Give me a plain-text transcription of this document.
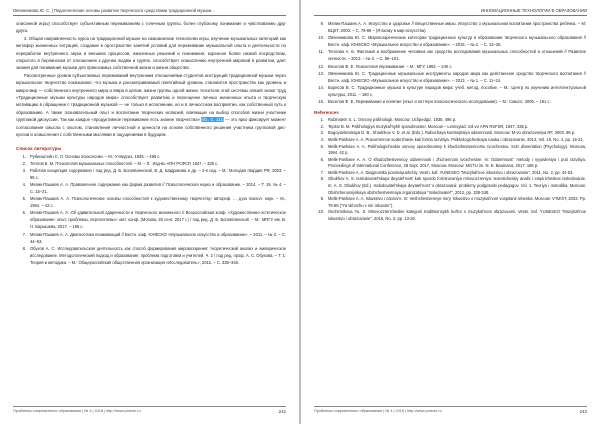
Овчинникова Ю. С. | Педагогические основы развития творческого средствами традиционной музыки...

описанной игры) способствует субъективным переживаниям с точечным группы, более глубокому понимание и чувствованию друг друга.

4. Общая направленность курса на традиционной музыке на самоанализе технологии игры, изучение музыкальных категорий как метафор жизненных ситуаций, создание в пространстве занятий условий для переживание музыкальной опыта и деятельности по переработке внутреннего звука и внешних процессов, жизненных решений и понимания, коренное более низкой посредством, открытого в берлинском от отношениях к другим людям и группе, способствует осмыслению внутренней мировой в развитии, дает знания для понимания музыки для приносимых собственной жизни и жизни общества.

Рассмотренные уровни субъективных переживаний внутренним отношениями студентов инструкций традиционной музыки через музыкальное творчество показывают, что музыка и рассматриваемый понятийный уровень становится пространство как уровень и микро-мир — собственного внутреннего мира и Мира в целом, жизни группы одной жизни. Носители этой системы связей знают труд «Традиционные музыки культуры народов мира» способствуют развитию и переоценке личных жизненных опыта и творческую мотивацию в обращении с традиционной музыкой — не только в исполнении, но и в личностном восприятии, как собственный путь к образованию. А также познавательный опыт и воспитание творческих иллюзий, влияющих на выбор способов жизни участники групповой дискуссии. Так как каждое «продуктивное переживание есть знание творчества» [Ю., С. 111] — это ярко фиксирует момент согласования смысла с опытом, становление личностной и ценности на основе собственного решения участника групповой дискуссии и осмысления с собственными мыслями и ощущениями в будущем.

Список литературы
1. Рубинштейн С. Л. Основы психологии. – М.: Учпедгиз, 1935. – 496 с.
2. Теплов Б. М. Психология музыкальных способностей. – М. – Л.: Изд-во АПН РСФСР, 1947. – 335 с.
3. Рабочая концепция содержания / под ред. Д. Б. Богоявленской, В. Д. Шадрикова и др. – 2-е изд. – М.: Молодая гвардия РФ, 2003. – 95 с.
4. Мелик-Пашаев А. А. Правомочное содержание как форма развития // Психологическая наука и образование. – 2014. – Т. 19, № 4. – С. 15–21.
5. Мелик-Пашаев А. А. Психологические основы способностей к художественному творчеству: автореф. ... д-ра психол. наук. – М., 1994. – 42 с.
6. Мелик-Пашаев А. А. Об удивительной одаренности и творческого жизненного // Всероссийская конф. «Художественно-эстетическое образование: опыт, проблемы, перспективы»: мат. конф. (Москва, 28 сент. 2017 г.) / под ред. Д. Б. Богоявленской. – М.: МПГУ им. В. Н. Барышева, 2017. – 186 с.
7. Мелик-Пашаев А. А. Диагностика понимающий // Вестн. каф. ЮНЕСКО «Музыкальное искусство и образование». – 2011. – № 2. – С. 44–53.
8. Обухов А. С. Исследовательская деятельность как способ формирования мировоззрения: теоретический анализ и эмпирическое исследование. Методологический подход и образование: проблема подготовки и учителей. Ч. 2 / под ред. проф. А. С. Обухова. – Т. 1: Теория и методика. – М.: Общероссийская общественная организация «Исследователь», 2012. – С. 338–348.
Проблемы современного образования | № 4 | 2018 | http://www.pmedu.ru	242
ИННОВАЦИОННЫЕ ТЕХНОЛОГИИ В ОБРАЗОВАНИИ
9. Мелик-Пашаев А. А. Искусство и здоровье // Вещественные миры. Искусство о музыкальном воспитании пространства ребёнка. – М: ВЦХТ, 2003. – С. 79-89 – (Я вхожу в мир искусства).
10. Овчинникова Ю. С. Мировоззренческие категории традиционных культур в образовании творческого музыкального образования // Вестн. каф. ЮНЕСКО «Музыкальное искусство и образование». – 2016. – № 2. – С. 13–26.
11. Теплова А. Б. Фантазия и воображение человека как средство исследования музыкальных способностей и отношений // Развитие личности. – 2013. – № 3. – С. 86–101.
12. Веселов Ф. Е. Психология переживания. – М.: МГУ, 1984. – 240 с.
13. Овчинникова Ю. С. Традиционные музыкальные инструменты народов мира как действенное средство творческого воспитания // Вестн. каф. ЮНЕСКО «Музыкальное искусство и образование». – 2013. – № 1. – С. 11–24.
14. Борисов В. С. Традиционные музыка в культуре народов мира: учеб. метод. пособие. – М.: Центр по изучению интеллектуальной культуры, 2011. – 180 с.
15. Веселов Ф. Е. Переживание и понятие (опыт и паттерн психологического исследования). – М.: Смысл, 2005. – 191 с.
References
1. Rubinstein S. L. Osnovy psikhologii. Moscow: Uchpedgiz, 1935. 496 p.
2. Teplov B. M. Psikhologiya muzykal'nykh sposobnostei. Moscow – Leningrad: Izd-vo APN RSFSR, 1947. 335 p.
3. Bogoyavlenskaya D. B., Shadrikov V. D. et al. (Eds.). Rabochaya kontseptsiya odarennosti. Moscow: M-vo obrazovaniya RF, 2003. 95 p.
4. Melik-Pashaev A. A. Pravomernoe soderzhanie kak forma razvitiya. Psikhologicheskaya nauka i obrazovanie, 2014, Vol. 19, No. 4, pp. 15-21.
5. Melik-Pashaev A. A. Psikhologicheskie osnovy sposobnostey k khudozhestvennomu tvorchestvu. ScD dissertation (Psychology). Moscow, 1994. 42 p.
6. Melik-Pashaev A. A. O khudozhestvennoy odarennosti i zhiznennom tvorchestve. In: Odarennost': metody i vyyavleniya i puti razvitiya. Proceedings of International Conference, 28 Sept. 2017, Moscow. Moscow: MGTU im. N. E. Baumana, 2017. 186 p.
7. Melik-Pashaev A. A. Diagnostika ponimayushchiy. Vestn. kaf. YUNESKO "Muzykal'noe iskusstvo i obrazovanie", 2011, No. 2, pp. 44-53.
8. Obukhov A. S. Issledovatel'skaya deyatel'nost' kak sposob formirovaniya mirovozzreniya: teoreticheskiy analiz i empiricheskoe issledovanie. In: A. S. Obukhov (Ed.). Issledovatel'skaya deyatel'nost' v obrazovanii: problemy podgotovki pedagogov. Vol. 1. Teoriya i metodika. Moscow: Obshcherossiyskaya obshchestvennaya organizatsiya "Issledovatel'", 2012, pp. 338-348.
9. Melik-Pashaev A. A. Iskusstvo i zdorov'e. In: Veshchestvennye miry. Iskusstvo o muzykal'nom vospitanii rebenka. Moscow: VTsKhT, 2003. Pp. 79-89 ("Ya vkhozhu v mir iskusstv").
10. Ovchinnikova Yu. S. Mirovozzrencheskie kategorii traditsionnykh kul'tur v muzykal'nom obrazovanii. Vestn. kaf. YUNESKO "Muzykal'noe iskusstvo i obrazovanie", 2016, No. 2, pp. 13-26.
Проблемы современного образования | № 4 | 2018 | http://www.pmedu.ru	243
